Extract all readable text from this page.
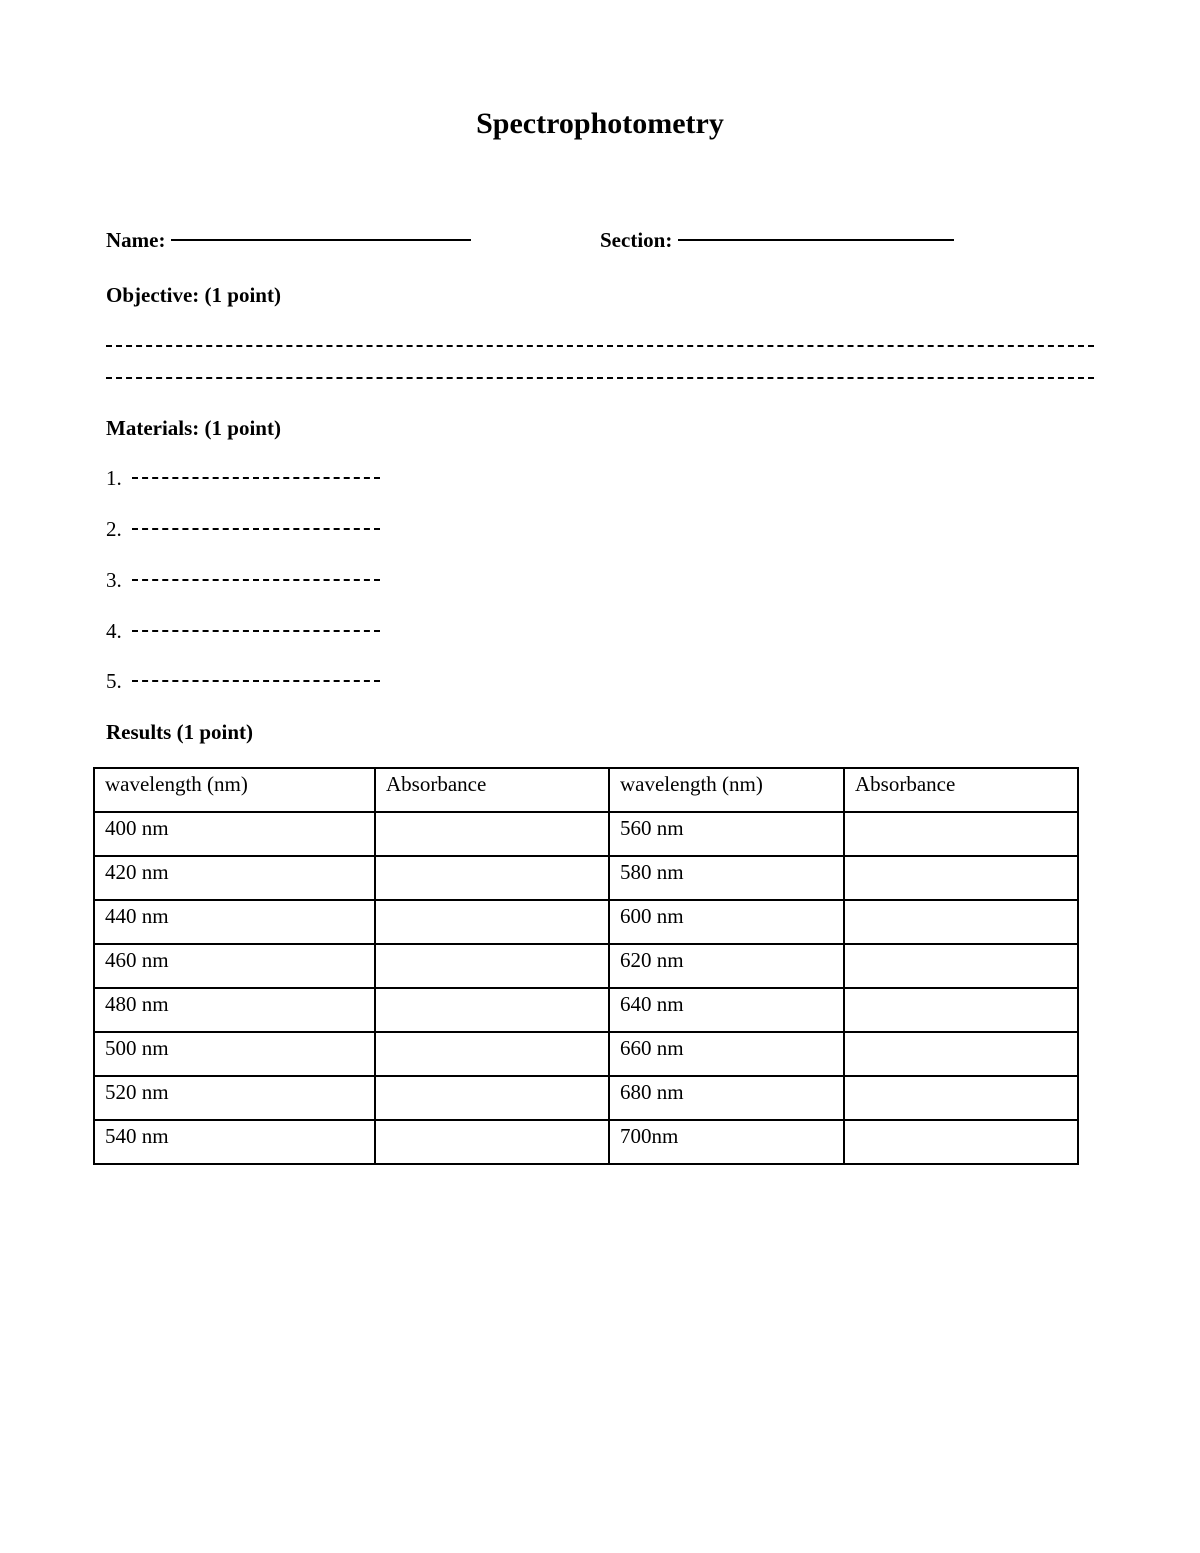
Spectrophotometry
Name:	Section:
Objective: (1 point)
Materials: (1 point)
1.
2.
3.
4.
5.
Results (1 point)
wavelength (nm)	Absorbance	wavelength (nm)	Absorbance
400 nm		560 nm	
420 nm		580 nm	
440 nm		600 nm	
460 nm		620 nm	
480 nm		640 nm	
500 nm		660 nm	
520 nm		680 nm	
540 nm		700nm	
